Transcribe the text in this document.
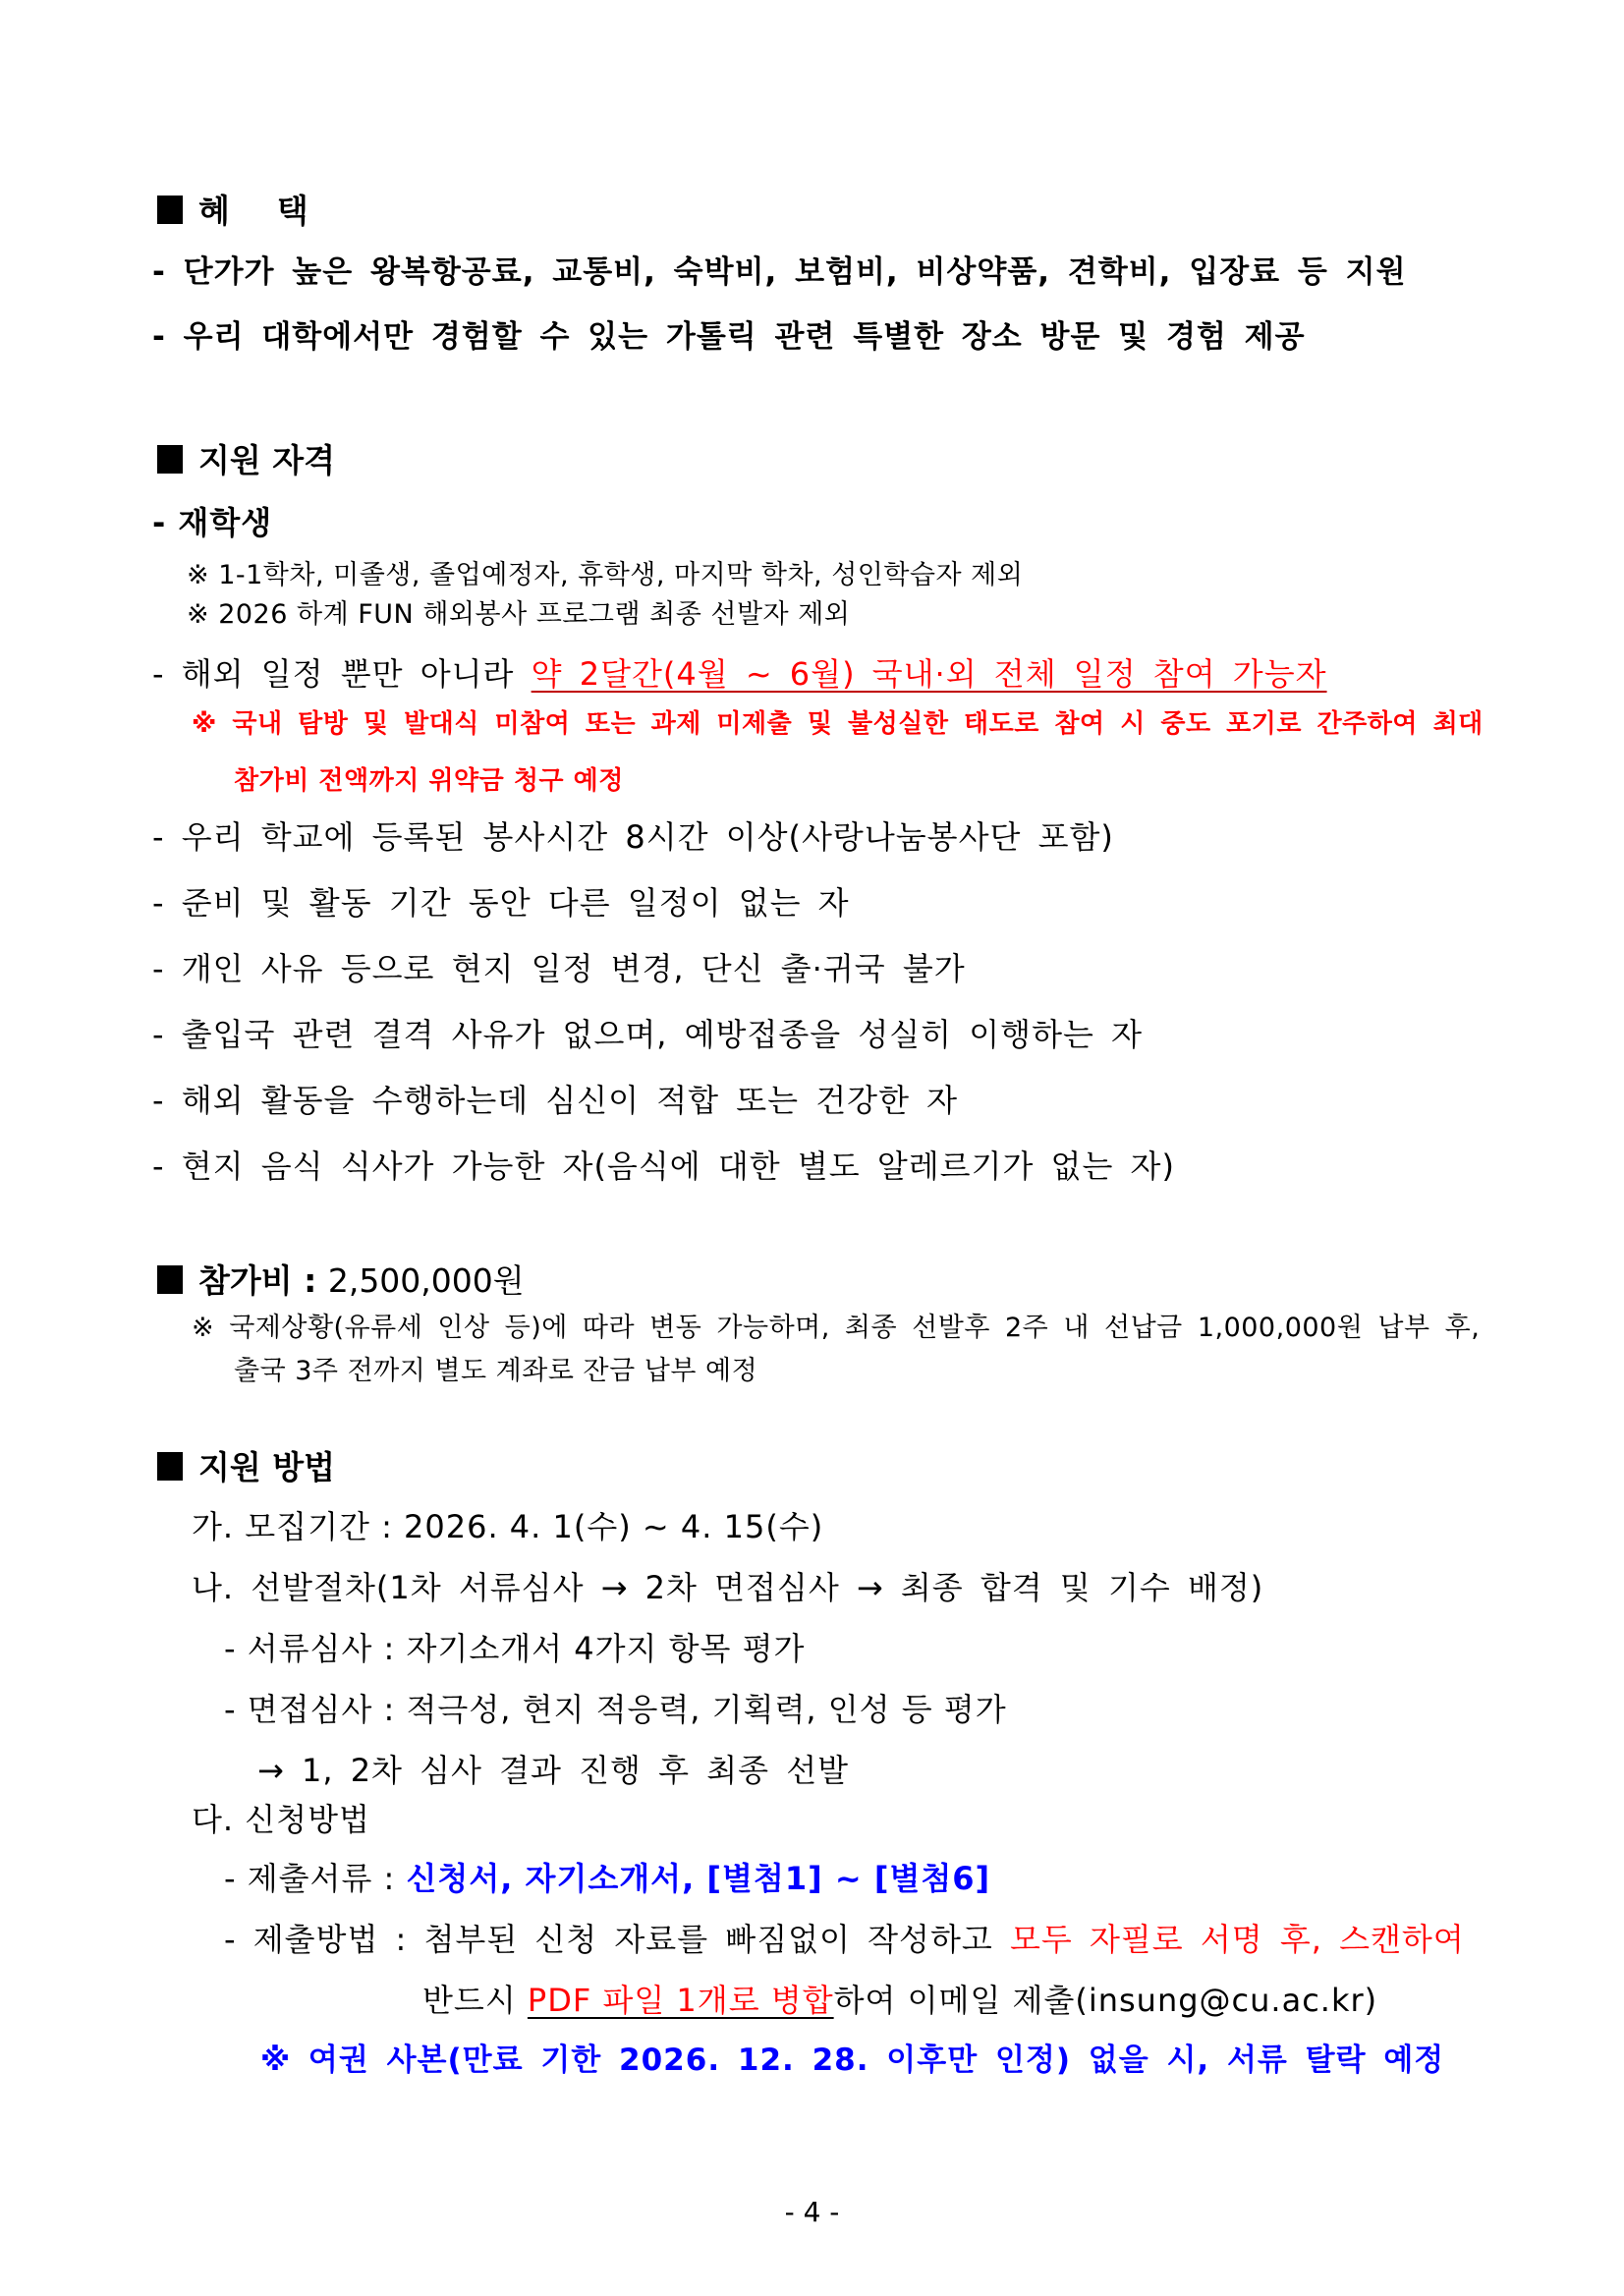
혜 택
- 단가가 높은 왕복항공료, 교통비, 숙박비, 보험비, 비상약품, 견학비, 입장료 등 지원
- 우리 대학에서만 경험할 수 있는 가톨릭 관련 특별한 장소 방문 및 경험 제공
지원 자격
- 재학생
※ 1-1학차, 미졸생, 졸업예정자, 휴학생, 마지막 학차, 성인학습자 제외
※ 2026 하계 FUN 해외봉사 프로그램 최종 선발자 제외
- 해외 일정 뿐만 아니라 약 2달간(4월 ~ 6월) 국내·외 전체 일정 참여 가능자
※ 국내 탐방 및 발대식 미참여 또는 과제 미제출 및 불성실한 태도로 참여 시 중도 포기로 간주하여 최대
참가비 전액까지 위약금 청구 예정
- 우리 학교에 등록된 봉사시간 8시간 이상(사랑나눔봉사단 포함)
- 준비 및 활동 기간 동안 다른 일정이 없는 자
- 개인 사유 등으로 현지 일정 변경, 단신 출·귀국 불가
- 출입국 관련 결격 사유가 없으며, 예방접종을 성실히 이행하는 자
- 해외 활동을 수행하는데 심신이 적합 또는 건강한 자
- 현지 음식 식사가 가능한 자(음식에 대한 별도 알레르기가 없는 자)
참가비 : 2,500,000원
※ 국제상황(유류세 인상 등)에 따라 변동 가능하며, 최종 선발후 2주 내 선납금 1,000,000원 납부 후,
출국 3주 전까지 별도 계좌로 잔금 납부 예정
지원 방법
가. 모집기간 : 2026. 4. 1(수) ~ 4. 15(수)
나. 선발절차(1차 서류심사 → 2차 면접심사 → 최종 합격 및 기수 배정)
- 서류심사 : 자기소개서 4가지 항목 평가
- 면접심사 : 적극성, 현지 적응력, 기획력, 인성 등 평가
→ 1, 2차 심사 결과 진행 후 최종 선발
다. 신청방법
- 제출서류 : 신청서, 자기소개서, [별첨1] ~ [별첨6]
- 제출방법 : 첨부된 신청 자료를 빠짐없이 작성하고 모두 자필로 서명 후, 스캔하여
반드시 PDF 파일 1개로 병합하여 이메일 제출(insung@cu.ac.kr)
※ 여권 사본(만료 기한 2026. 12. 28. 이후만 인정) 없을 시, 서류 탈락 예정
- 4 -
